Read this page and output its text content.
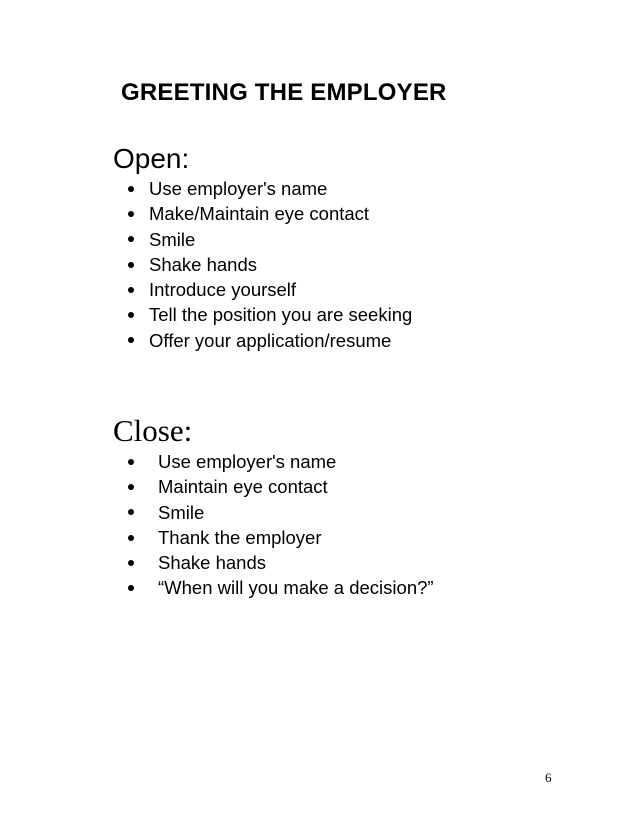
GREETING THE EMPLOYER
Open:
Use employer's name
Make/Maintain eye contact
Smile
Shake hands
Introduce yourself
Tell the position you are seeking
Offer your application/resume
Close:
Use employer's name
Maintain eye contact
Smile
Thank the employer
Shake hands
“When will you make a decision?”
6
